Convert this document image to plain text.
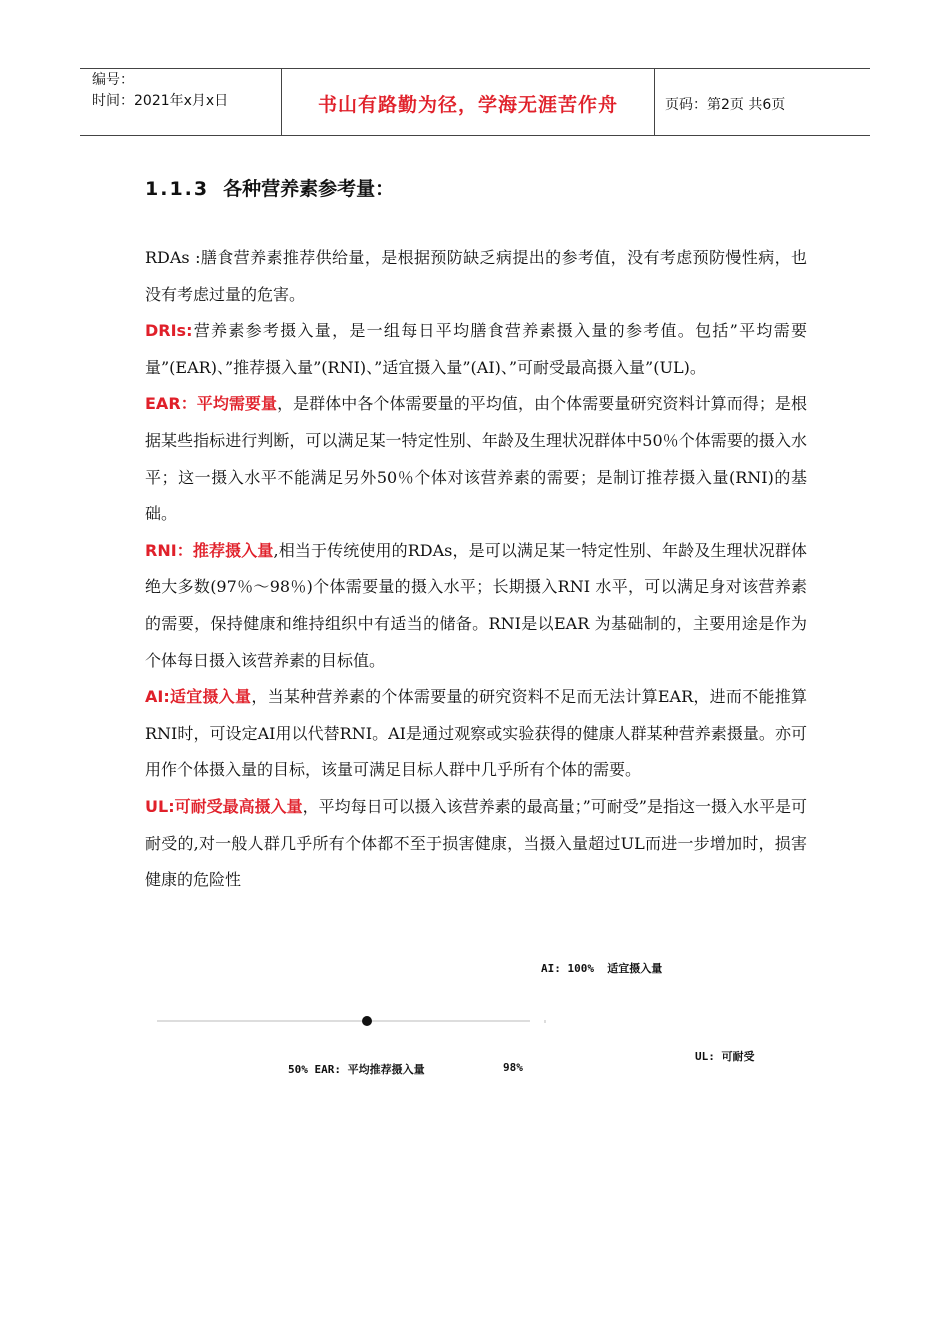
编号：
时间：2021年x月x日	书山有路勤为径，学海无涯苦作舟	页码：第2页 共6页
1.1.3 各种营养素参考量：

RDAs :膳食营养素推荐供给量，是根据预防缺乏病提出的参考值，没有考虑预防慢性病，也没有考虑过量的危害。

DRIs:营养素参考摄入量，是一组每日平均膳食营养素摄入量的参考值。包括”平均需要量”(EAR)、”推荐摄入量”(RNI)、”适宜摄入量”(AI)、”可耐受最高摄入量”(UL)。

EAR：平均需要量，是群体中各个体需要量的平均值，由个体需要量研究资料计算而得；是根据某些指标进行判断，可以满足某一特定性别、年龄及生理状况群体中50％个体需要的摄入水平；这一摄入水平不能满足另外50％个体对该营养素的需要；是制订推荐摄入量(RNI)的基础。

RNI：推荐摄入量,相当于传统使用的RDAs，是可以满足某一特定性别、年龄及生理状况群体绝大多数(97％～98％)个体需要量的摄入水平；长期摄入RNI 水平，可以满足身对该营养素的需要，保持健康和维持组织中有适当的储备。RNI是以EAR 为基础制的，主要用途是作为个体每日摄入该营养素的目标值。

AI:适宜摄入量，当某种营养素的个体需要量的研究资料不足而无法计算EAR，进而不能推算RNI时，可设定AI用以代替RNI。AI是通过观察或实验获得的健康人群某种营养素摄量。亦可用作个体摄入量的目标，该量可满足目标人群中几乎所有个体的需要。

UL:可耐受最高摄入量，平均每日可以摄入该营养素的最高量；”可耐受”是指这一摄入水平是可耐受的,对一般人群几乎所有个体都不至于损害健康，当摄入量超过UL而进一步增加时，损害健康的危险性

AI: 100%  适宜摄入量
50% EAR: 平均推荐摄入量	98%
UL: 可耐受
